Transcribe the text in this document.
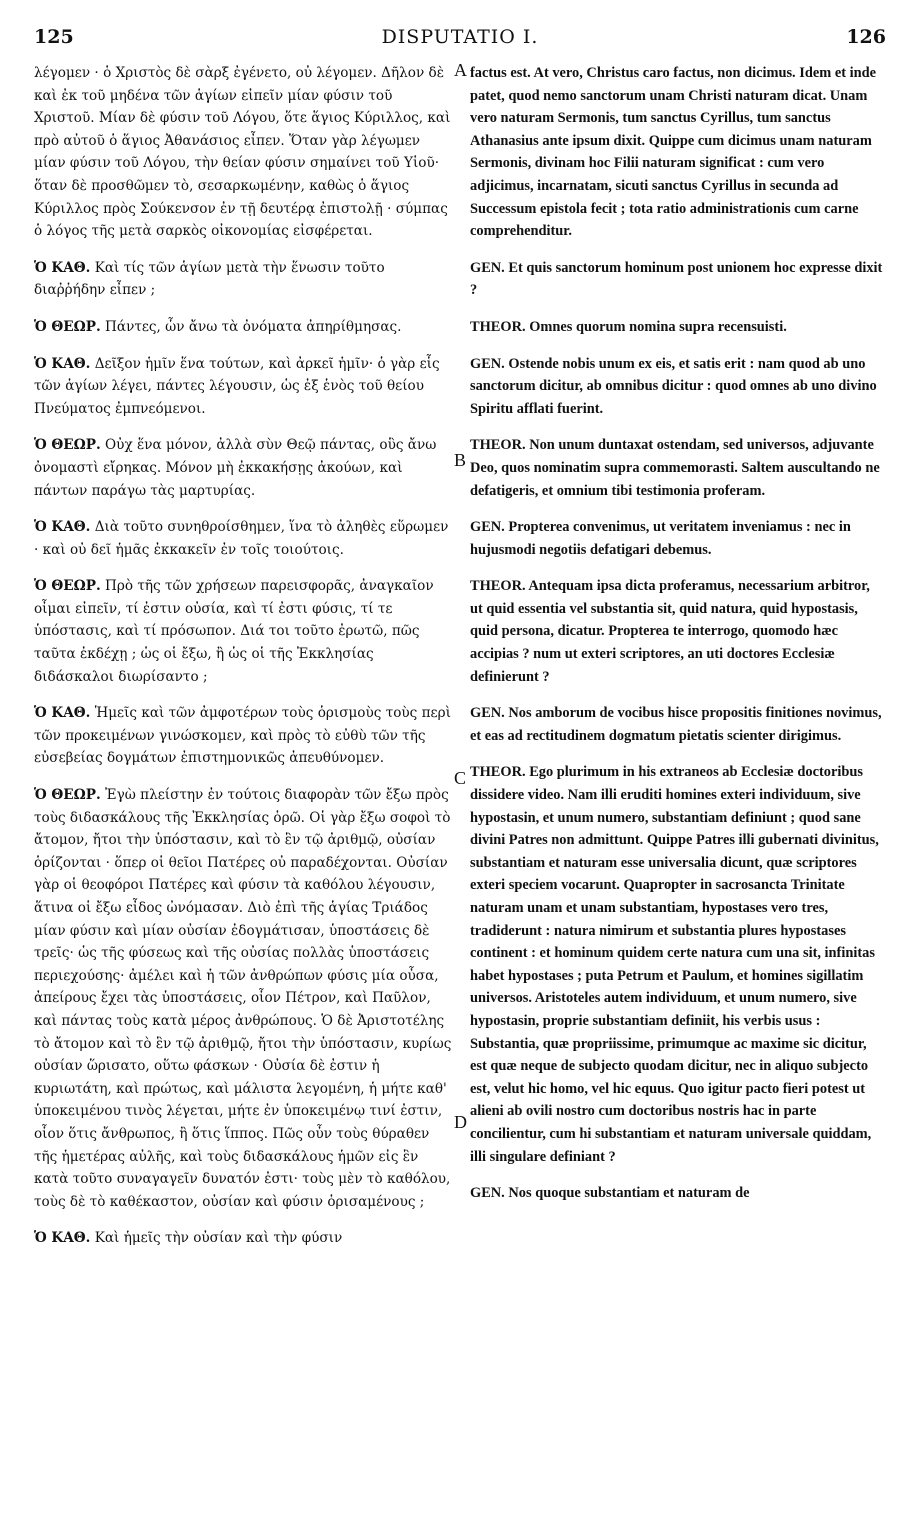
125	DISPUTATIO I.	126
A
B
C
D

λέγομεν · ὁ Χριστὸς δὲ σὰρξ ἐγένετο, οὐ λέγομεν. Δῆλον δὲ καὶ ἐκ τοῦ μηδένα τῶν ἁγίων εἰπεῖν μίαν φύσιν τοῦ Χριστοῦ. Μίαν δὲ φύσιν τοῦ Λόγου, ὅτε ἅγιος Κύριλλος, καὶ πρὸ αὐτοῦ ὁ ἅγιος Ἀθανάσιος εἶπεν. Ὅταν γὰρ λέγωμεν μίαν φύσιν τοῦ Λόγου, τὴν θείαν φύσιν σημαίνει τοῦ Υἱοῦ· ὅταν δὲ προσθῶμεν τὸ, σεσαρκωμένην, καθὼς ὁ ἅγιος Κύριλλος πρὸς Σούκενσον ἐν τῇ δευτέρᾳ ἐπιστολῇ · σύμπας ὁ λόγος τῆς μετὰ σαρκὸς οἰκονομίας εἰσφέρεται.

Ὁ ΚΑΘ. Καὶ τίς τῶν ἁγίων μετὰ τὴν ἕνωσιν τοῦτο διαῤῥήδην εἶπεν ;

Ὁ ΘΕΩΡ. Πάντες, ὧν ἄνω τὰ ὀνόματα ἀπηρίθμησας.

Ὁ ΚΑΘ. Δεῖξον ἡμῖν ἕνα τούτων, καὶ ἀρκεῖ ἡμῖν· ὁ γὰρ εἷς τῶν ἁγίων λέγει, πάντες λέγουσιν, ὡς ἐξ ἑνὸς τοῦ θείου Πνεύματος ἐμπνεόμενοι.

Ὁ ΘΕΩΡ. Οὐχ ἕνα μόνον, ἀλλὰ σὺν Θεῷ πάντας, οὓς ἄνω ὀνομαστὶ εἴρηκας. Μόνον μὴ ἐκκακήσῃς ἀκούων, καὶ πάντων παράγω τὰς μαρτυρίας.

Ὁ ΚΑΘ. Διὰ τοῦτο συνηθροίσθημεν, ἵνα τὸ ἀληθὲς εὕρωμεν · καὶ οὐ δεῖ ἡμᾶς ἐκκακεῖν ἐν τοῖς τοιούτοις.

Ὁ ΘΕΩΡ. Πρὸ τῆς τῶν χρήσεων παρεισφορᾶς, ἀναγκαῖον οἶμαι εἰπεῖν, τί ἐστιν οὐσία, καὶ τί ἐστι φύσις, τί τε ὑπόστασις, καὶ τί πρόσωπον. Διά τοι τοῦτο ἐρωτῶ, πῶς ταῦτα ἐκδέχῃ ; ὡς οἱ ἔξω, ἢ ὡς οἱ τῆς Ἐκκλησίας διδάσκαλοι διωρίσαντο ;

Ὁ ΚΑΘ. Ἡμεῖς καὶ τῶν ἀμφοτέρων τοὺς ὁρισμοὺς τοὺς περὶ τῶν προκειμένων γινώσκομεν, καὶ πρὸς τὸ εὐθὺ τῶν τῆς εὐσεβείας δογμάτων ἐπιστημονικῶς ἀπευθύνομεν.

Ὁ ΘΕΩΡ. Ἐγὼ πλείστην ἐν τούτοις διαφορὰν τῶν ἔξω πρὸς τοὺς διδασκάλους τῆς Ἐκκλησίας ὁρῶ. Οἱ γὰρ ἔξω σοφοὶ τὸ ἄτομον, ἤτοι τὴν ὑπόστασιν, καὶ τὸ ἓν τῷ ἀριθμῷ, οὐσίαν ὁρίζονται · ὅπερ οἱ θεῖοι Πατέρες οὐ παραδέχονται. Οὐσίαν γὰρ οἱ θεοφόροι Πατέρες καὶ φύσιν τὰ καθόλου λέγουσιν, ἅτινα οἱ ἔξω εἶδος ὠνόμασαν. Διὸ ἐπὶ τῆς ἁγίας Τριάδος μίαν φύσιν καὶ μίαν οὐσίαν ἐδογμάτισαν, ὑποστάσεις δὲ τρεῖς· ὡς τῆς φύσεως καὶ τῆς οὐσίας πολλὰς ὑποστάσεις περιεχούσης· ἀμέλει καὶ ἡ τῶν ἀνθρώπων φύσις μία οὖσα, ἀπείρους ἔχει τὰς ὑποστάσεις, οἷον Πέτρον, καὶ Παῦλον, καὶ πάντας τοὺς κατὰ μέρος ἀνθρώπους. Ὁ δὲ Ἀριστοτέλης τὸ ἄτομον καὶ τὸ ἓν τῷ ἀριθμῷ, ἤτοι τὴν ὑπόστασιν, κυρίως οὐσίαν ὥρισατο, οὕτω φάσκων · Οὐσία δὲ ἐστιν ἡ κυριωτάτη, καὶ πρώτως, καὶ μάλιστα λεγομένη, ἡ μήτε καθ' ὑποκειμένου τινὸς λέγεται, μήτε ἐν ὑποκειμένῳ τινί ἐστιν, οἷον ὅτις ἄνθρωπος, ἢ ὅτις ἵππος. Πῶς οὖν τοὺς θύραθεν τῆς ἡμετέρας αὐλῆς, καὶ τοὺς διδασκάλους ἡμῶν εἰς ἓν κατὰ τοῦτο συναγαγεῖν δυνατόν ἐστι· τοὺς μὲν τὸ καθόλου, τοὺς δὲ τὸ καθέκαστον, οὐσίαν καὶ φύσιν ὁρισαμένους ;

Ὁ ΚΑΘ. Καὶ ἡμεῖς τὴν οὐσίαν καὶ τὴν φύσιν

factus est. At vero, Christus caro factus, non dicimus. Idem et inde patet, quod nemo sanctorum unam Christi naturam dicat. Unam vero naturam Sermonis, tum sanctus Cyrillus, tum sanctus Athanasius ante ipsum dixit. Quippe cum dicimus unam naturam Sermonis, divinam hoc Filii naturam significat : cum vero adjicimus, incarnatam, sicuti sanctus Cyrillus in secunda ad Successum epistola fecit ; tota ratio administrationis cum carne comprehenditur.

GEN. Et quis sanctorum hominum post unionem hoc expresse dixit ?

THEOR. Omnes quorum nomina supra recensuisti.

GEN. Ostende nobis unum ex eis, et satis erit : nam quod ab uno sanctorum dicitur, ab omnibus dicitur : quod omnes ab uno divino Spiritu afflati fuerint.

THEOR. Non unum duntaxat ostendam, sed universos, adjuvante Deo, quos nominatim supra commemorasti. Saltem auscultando ne defatigeris, et omnium tibi testimonia proferam.

GEN. Propterea convenimus, ut veritatem inveniamus : nec in hujusmodi negotiis defatigari debemus.

THEOR. Antequam ipsa dicta proferamus, necessarium arbitror, ut quid essentia vel substantia sit, quid natura, quid hypostasis, quid persona, dicatur. Propterea te interrogo, quomodo hæc accipias ? num ut exteri scriptores, an uti doctores Ecclesiæ definierunt ?

GEN. Nos amborum de vocibus hisce propositis finitiones novimus, et eas ad rectitudinem dogmatum pietatis scienter dirigimus.

THEOR. Ego plurimum in his extraneos ab Ecclesiæ doctoribus dissidere video. Nam illi eruditi homines exteri individuum, sive hypostasin, et unum numero, substantiam definiunt ; quod sane divini Patres non admittunt. Quippe Patres illi gubernati divinitus, substantiam et naturam esse universalia dicunt, quæ scriptores exteri speciem vocarunt. Quapropter in sacrosancta Trinitate naturam unam et unam substantiam, hypostases vero tres, tradiderunt : natura nimirum et substantia plures hypostases continent : et hominum quidem certe natura cum una sit, infinitas habet hypostases ; puta Petrum et Paulum, et homines sigillatim universos. Aristoteles autem individuum, et unum numero, sive hypostasin, proprie substantiam definiit, his verbis usus : Substantia, quæ propriissime, primumque ac maxime sic dicitur, est quæ neque de subjecto quodam dicitur, nec in aliquo subjecto est, velut hic homo, vel hic equus. Quo igitur pacto fieri potest ut alieni ab ovili nostro cum doctoribus nostris hac in parte concilientur, cum hi substantiam et naturam universale quiddam, illi singulare definiant ?

GEN. Nos quoque substantiam et naturam de
